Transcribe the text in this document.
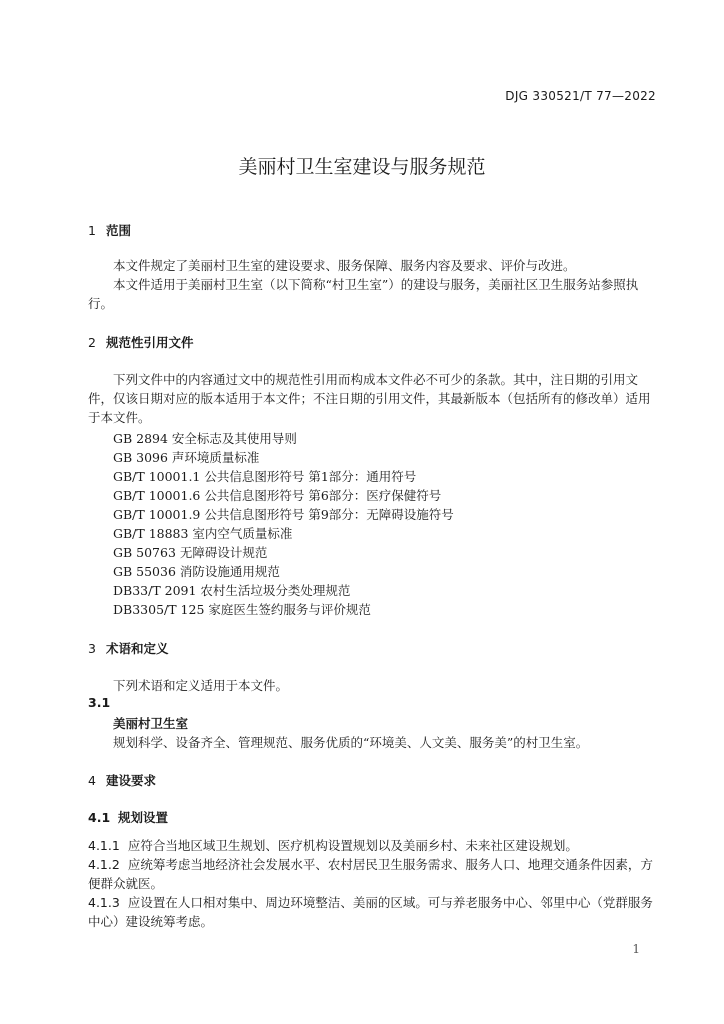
DJG 330521/T 77—2022
美丽村卫生室建设与服务规范
1 范围
本文件规定了美丽村卫生室的建设要求、服务保障、服务内容及要求、评价与改进。
本文件适用于美丽村卫生室（以下简称“村卫生室”）的建设与服务，美丽社区卫生服务站参照执行。
2 规范性引用文件
下列文件中的内容通过文中的规范性引用而构成本文件必不可少的条款。其中，注日期的引用文件，仅该日期对应的版本适用于本文件；不注日期的引用文件，其最新版本（包括所有的修改单）适用于本文件。
GB 2894 安全标志及其使用导则
GB 3096 声环境质量标准
GB/T 10001.1 公共信息图形符号 第1部分：通用符号
GB/T 10001.6 公共信息图形符号 第6部分：医疗保健符号
GB/T 10001.9 公共信息图形符号 第9部分：无障碍设施符号
GB/T 18883 室内空气质量标准
GB 50763 无障碍设计规范
GB 55036 消防设施通用规范
DB33/T 2091 农村生活垃圾分类处理规范
DB3305/T 125 家庭医生签约服务与评价规范
3 术语和定义
下列术语和定义适用于本文件。
3.1
美丽村卫生室
规划科学、设备齐全、管理规范、服务优质的“环境美、人文美、服务美”的村卫生室。
4 建设要求
4.1 规划设置
4.1.1 应符合当地区域卫生规划、医疗机构设置规划以及美丽乡村、未来社区建设规划。
4.1.2 应统筹考虑当地经济社会发展水平、农村居民卫生服务需求、服务人口、地理交通条件因素，方便群众就医。
4.1.3 应设置在人口相对集中、周边环境整洁、美丽的区域。可与养老服务中心、邻里中心（党群服务中心）建设统筹考虑。
1
